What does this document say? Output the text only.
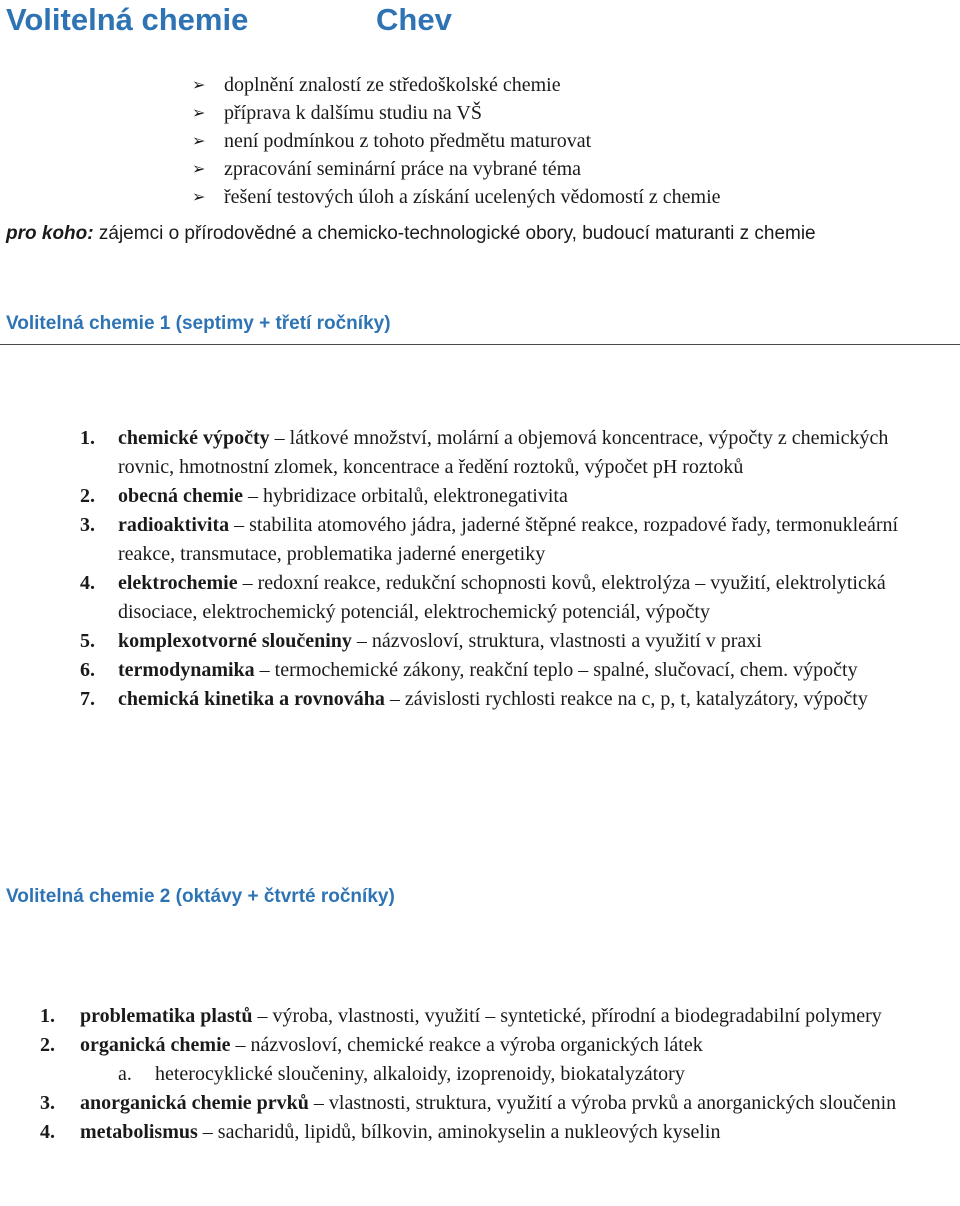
Volitelná chemie	Chev
➢ doplnění znalostí ze středoškolské chemie
➢ příprava k dalšímu studiu na VŠ
➢ není podmínkou z tohoto předmětu maturovat
➢ zpracování seminární práce na vybrané téma
➢ řešení testových úloh a získání ucelených vědomostí z chemie
pro koho: zájemci o přírodovědné a chemicko-technologické obory, budoucí maturanti z chemie
Volitelná chemie 1 (septimy + třetí ročníky)
1. chemické výpočty – látkové množství, molární a objemová koncentrace, výpočty z chemických rovnic, hmotnostní zlomek, koncentrace a ředění roztoků, výpočet pH roztoků
2. obecná chemie – hybridizace orbitalů, elektronegativita
3. radioaktivita – stabilita atomového jádra, jaderné štěpné reakce, rozpadové řady, termonukleární reakce, transmutace, problematika jaderné energetiky
4. elektrochemie – redoxní reakce, redukční schopnosti kovů, elektrolýza – využití, elektrolytická disociace, elektrochemický potenciál, elektrochemický potenciál, výpočty
5. komplexotvorné sloučeniny – názvosloví, struktura, vlastnosti a využití v praxi
6. termodynamika – termochemické zákony, reakční teplo – spalné, slučovací, chem. výpočty
7. chemická kinetika a rovnováha – závislosti rychlosti reakce na c, p, t, katalyzátory, výpočty
Volitelná chemie 2 (oktávy + čtvrté ročníky)
1. problematika plastů – výroba, vlastnosti, využití – syntetické, přírodní a biodegradabilní polymery
2. organická chemie – názvosloví, chemické reakce a výroba organických látek
a. heterocyklické sloučeniny, alkaloidy, izoprenoidy, biokatalyzátory
3. anorganická chemie prvků – vlastnosti, struktura, využití a výroba prvků a anorganických sloučenin
4. metabolismus – sacharidů, lipidů, bílkovin, aminokyselin a nukleových kyselin
